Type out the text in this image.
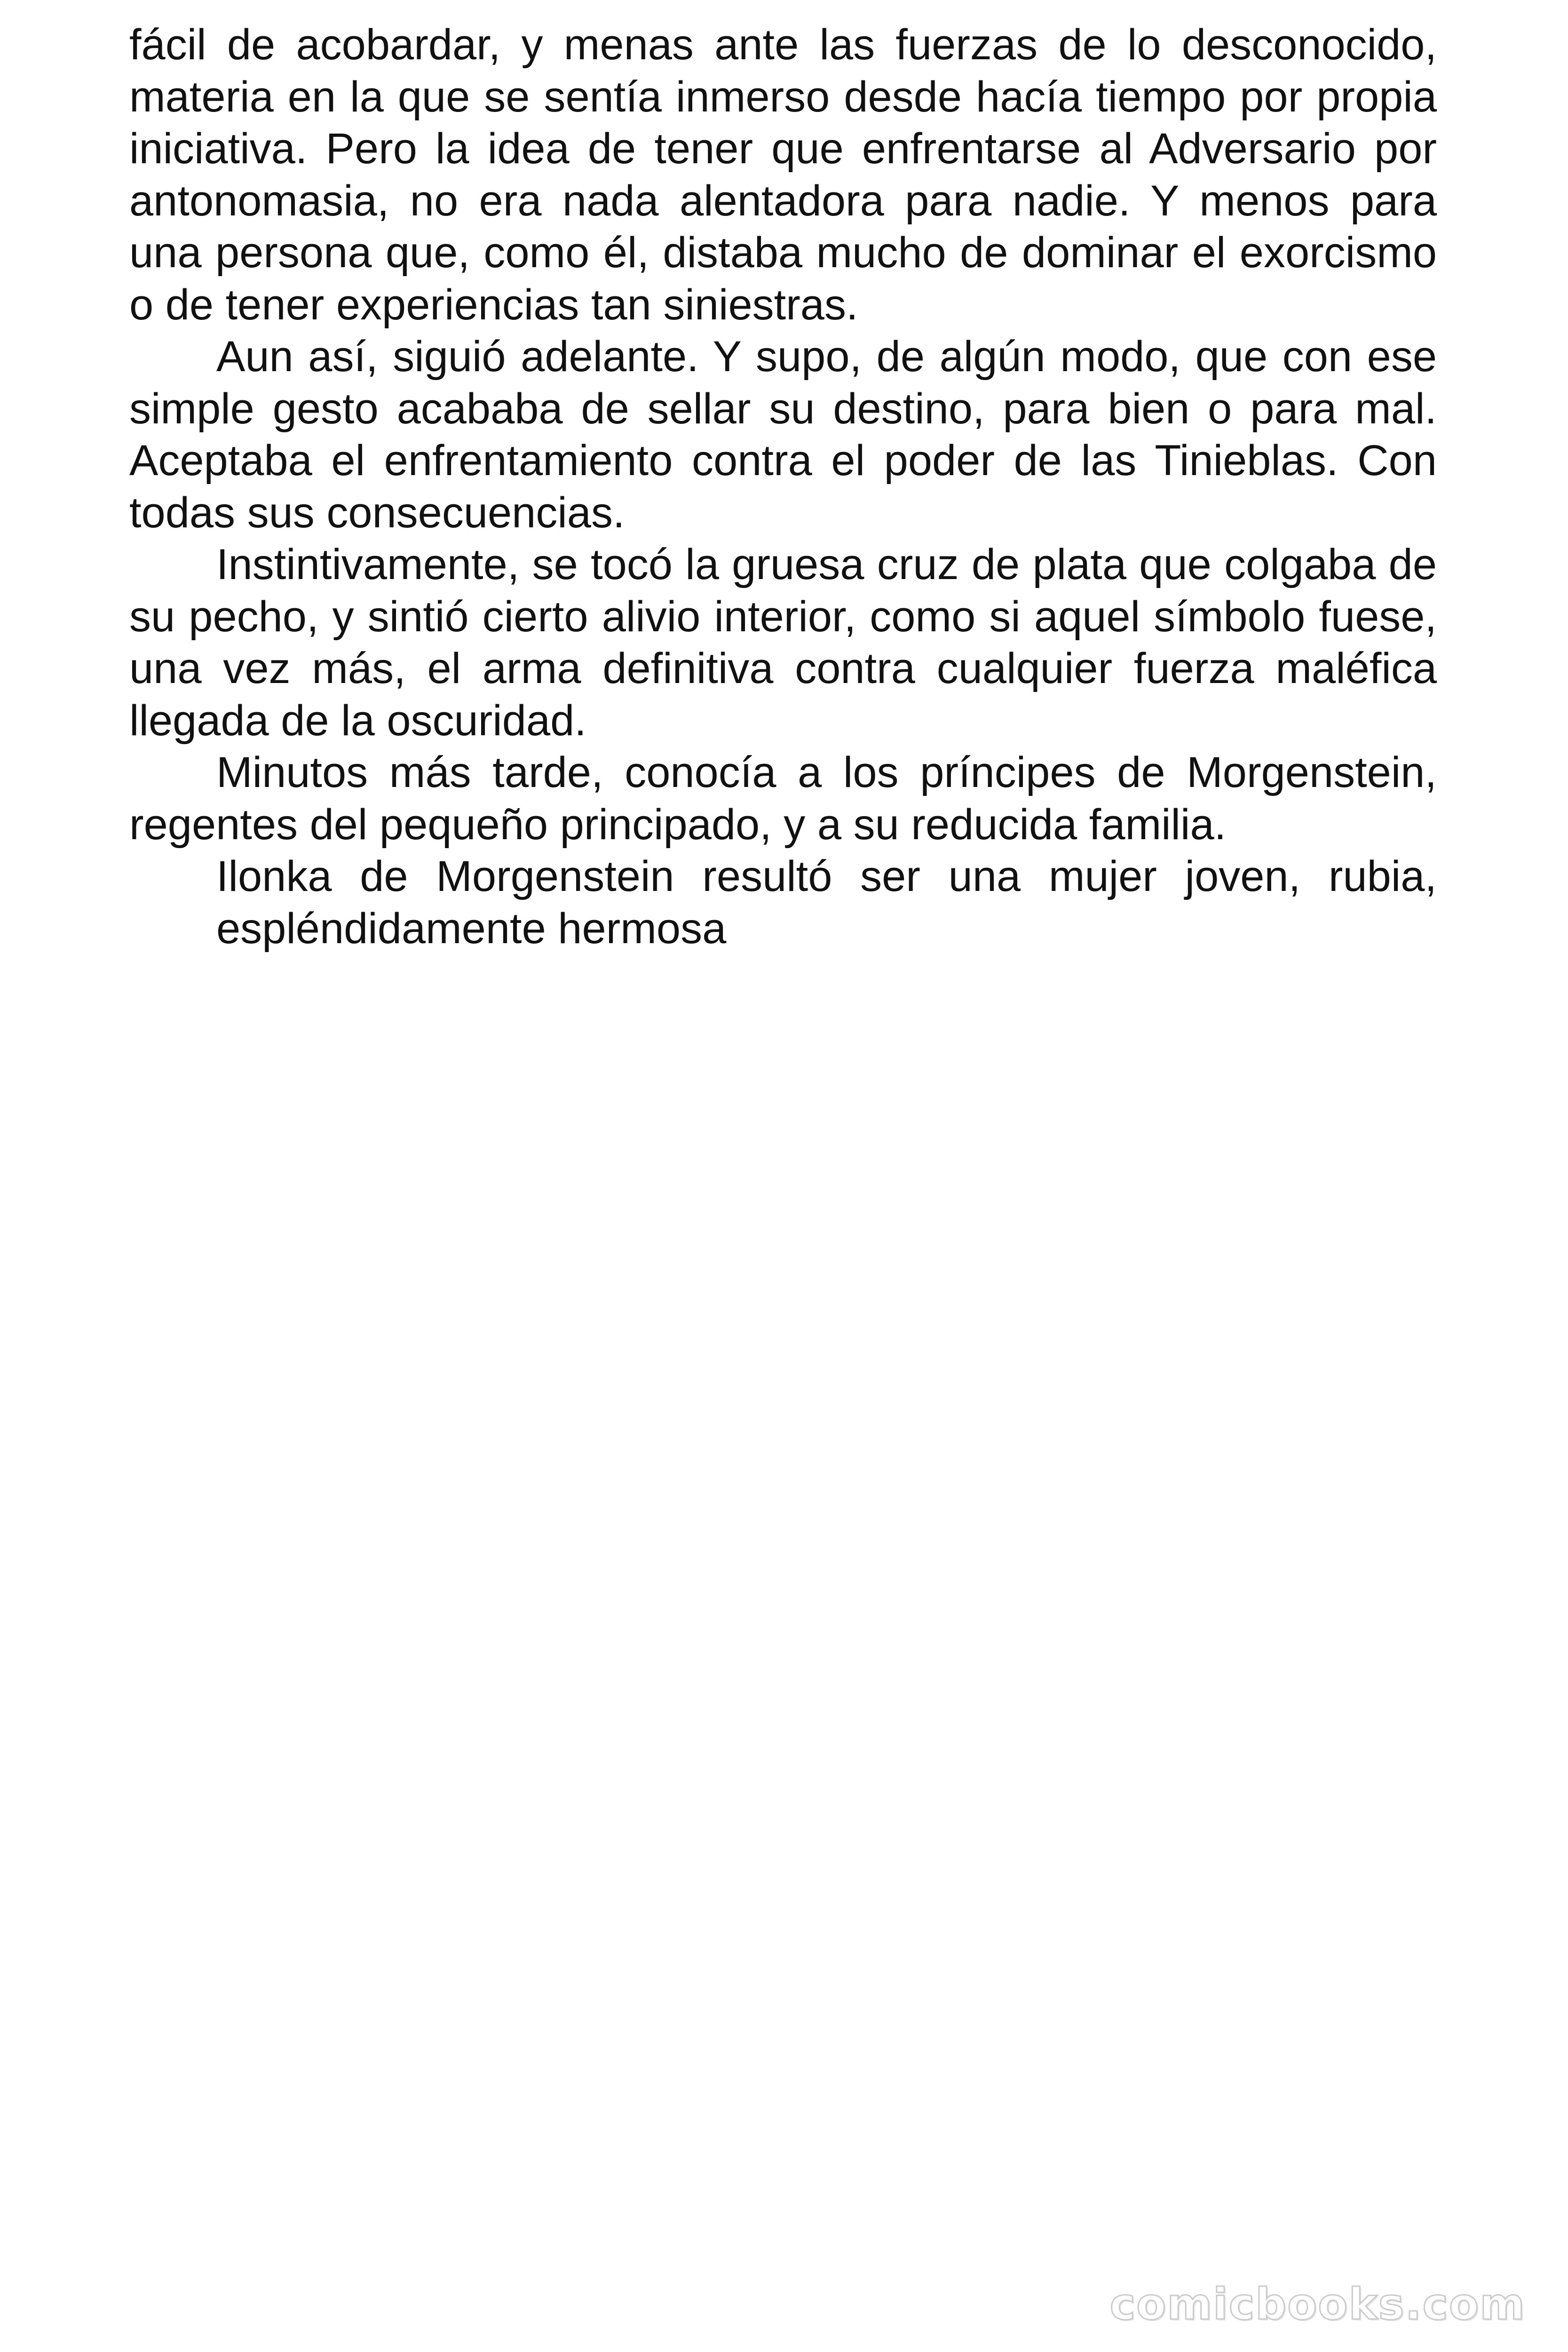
fácil de acobardar, y menas ante las fuerzas de lo desconocido, materia en la que se sentía inmerso desde hacía tiempo por propia iniciativa. Pero la idea de tener que enfrentarse al Adversario por antonomasia, no era nada alentadora para nadie. Y menos para una persona que, como él, distaba mucho de dominar el exorcismo o de tener experiencias tan siniestras.

Aun así, siguió adelante. Y supo, de algún modo, que con ese simple gesto acababa de sellar su destino, para bien o para mal. Aceptaba el enfrentamiento contra el poder de las Tinieblas. Con todas sus consecuencias.

Instintivamente, se tocó la gruesa cruz de plata que colgaba de su pecho, y sintió cierto alivio interior, como si aquel símbolo fuese, una vez más, el arma definitiva contra cualquier fuerza maléfica llegada de la oscuridad.

Minutos más tarde, conocía a los príncipes de Morgenstein, regentes del pequeño principado, y a su reducida familia.

Ilonka de Morgenstein resultó ser una mujer joven, rubia,
espléndidamente hermosa

comicbooks.com
